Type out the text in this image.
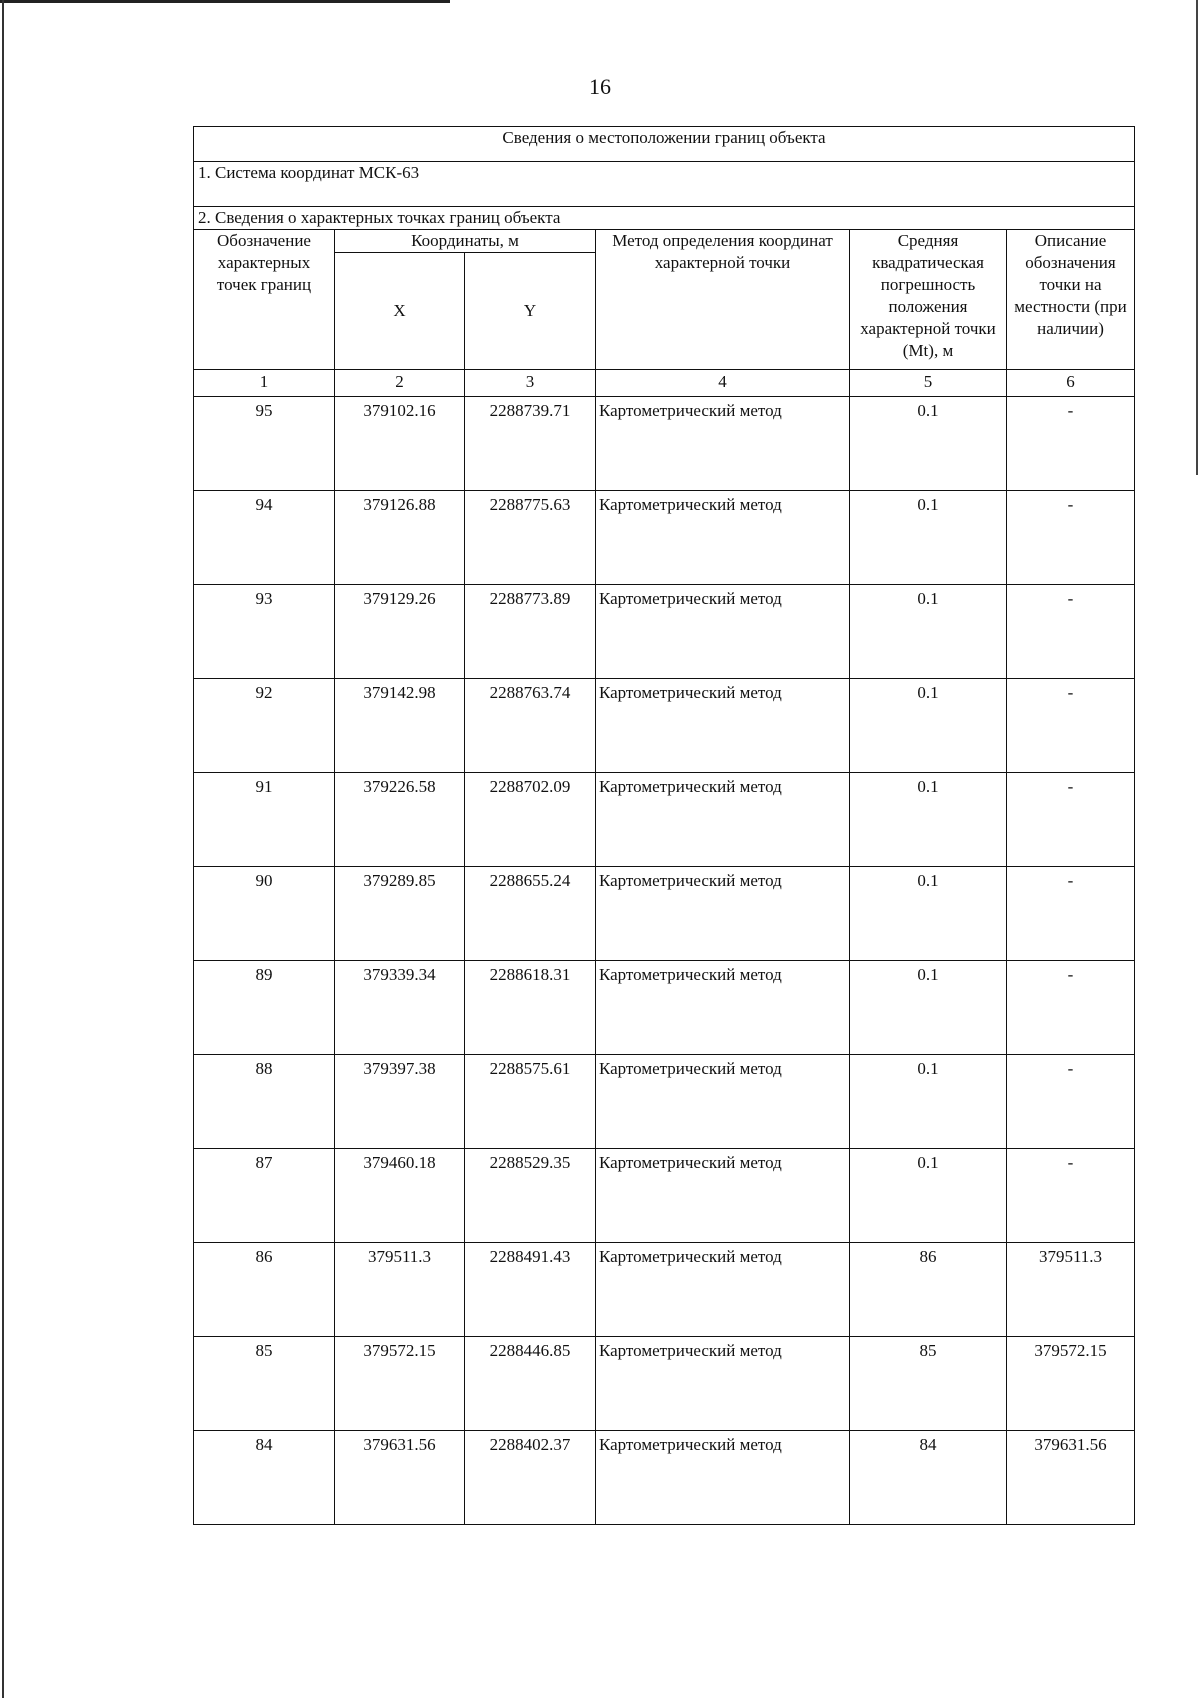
16
Сведения о местоположении границ объекта					
1. Система координат МСК-63					
2. Сведения о характерных точках границ объекта					
Обозначение характерных точек границ	Координаты, м		Метод определения координат характерной точки	Средняя квадратическая погрешность положения характерной точки (Mt), м	Описание обозначения точки на местности (при наличии)
	X	Y			
1	2	3	4	5	6
95	379102.16	2288739.71	Картометрический метод	0.1	-
94	379126.88	2288775.63	Картометрический метод	0.1	-
93	379129.26	2288773.89	Картометрический метод	0.1	-
92	379142.98	2288763.74	Картометрический метод	0.1	-
91	379226.58	2288702.09	Картометрический метод	0.1	-
90	379289.85	2288655.24	Картометрический метод	0.1	-
89	379339.34	2288618.31	Картометрический метод	0.1	-
88	379397.38	2288575.61	Картометрический метод	0.1	-
87	379460.18	2288529.35	Картометрический метод	0.1	-
86	379511.3	2288491.43	Картометрический метод	86	379511.3
85	379572.15	2288446.85	Картометрический метод	85	379572.15
84	379631.56	2288402.37	Картометрический метод	84	379631.56
